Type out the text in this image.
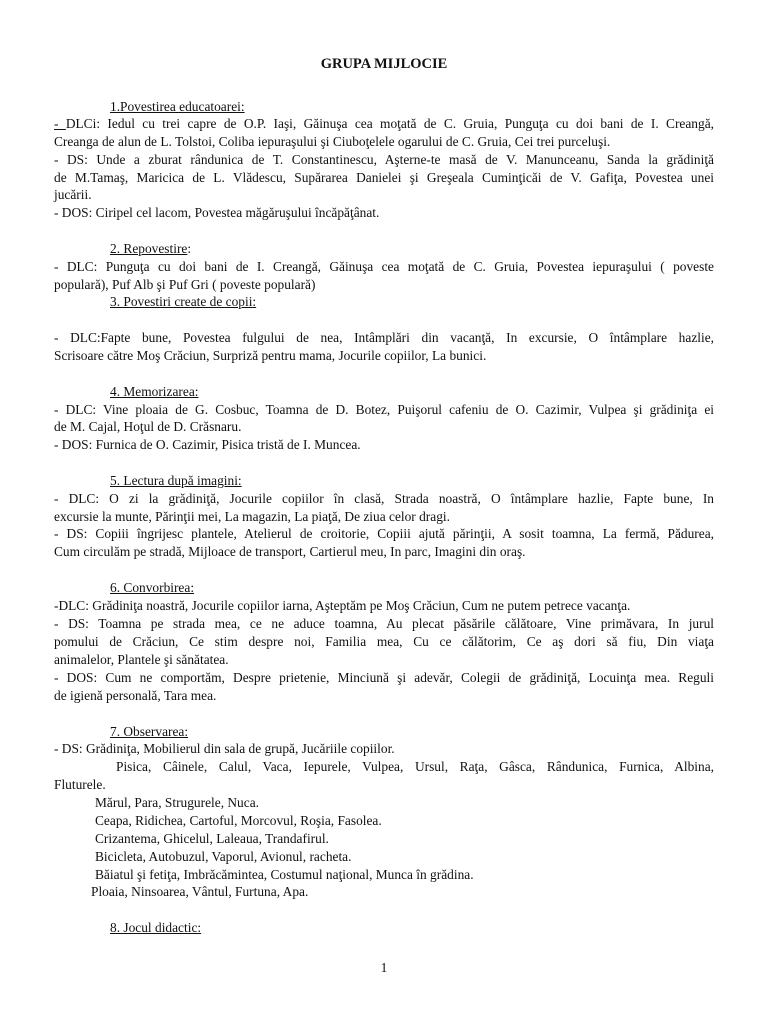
GRUPA MIJLOCIE
1.Povestirea educatoarei:
- DLCi: Iedul cu trei capre de O.P. Iaşi, Găinuşa cea moţată de C. Gruia, Punguţa cu doi bani de I. Creangă,
Creanga de alun de L. Tolstoi, Coliba iepuraşului şi Ciuboţelele ogarului de C. Gruia, Cei trei purceluşi.
- DS: Unde a zburat rândunica de T. Constantinescu, Aşterne-te masă de V. Manunceanu, Sanda la grădiniţă
de M.Tamaş, Maricica de L. Vlădescu, Supărarea Danielei şi Greşeala Cuminţicăi de V. Gafiţa, Povestea unei
jucării.
- DOS: Ciripel cel lacom, Povestea măgăruşului încăpăţânat.
2. Repovestire:
- DLC: Punguţa cu doi bani de I. Creangă, Găinuşa cea moţată de C. Gruia, Povestea iepuraşului ( poveste
populară), Puf Alb şi Puf Gri ( poveste populară)
3. Povestiri create de copii:
- DLC:Fapte bune, Povestea fulgului de nea, Intâmplări din vacanţă, In excursie, O întâmplare hazlie,
Scrisoare către Moş Crăciun, Surpriză pentru mama, Jocurile copiilor, La bunici.
4. Memorizarea:
- DLC: Vine ploaia de G. Cosbuc, Toamna de D. Botez, Puişorul cafeniu de O. Cazimir, Vulpea şi grădiniţa ei
de M. Cajal, Hoţul de D. Crăsnaru.
- DOS: Furnica de O. Cazimir, Pisica tristă de I. Muncea.
5. Lectura după imagini:
- DLC: O zi la grădiniţă, Jocurile copiilor în clasă, Strada noastră, O întâmplare hazlie, Fapte bune, In
excursie la munte, Părinţii mei, La magazin, La piaţă, De ziua celor dragi.
- DS: Copiii îngrijesc plantele, Atelierul de croitorie, Copiii ajută părinţii, A sosit toamna, La fermă, Pădurea,
Cum circulăm pe stradă, Mijloace de transport, Cartierul meu, In parc, Imagini din oraş.
6. Convorbirea:
-DLC: Grădiniţa noastră, Jocurile copiilor iarna, Aşteptăm pe Moş Crăciun, Cum ne putem petrece vacanţa.
- DS: Toamna pe strada mea, ce ne aduce toamna, Au plecat păsările călătoare, Vine primăvara, In jurul
pomului de Crăciun, Ce stim despre noi, Familia mea, Cu ce călătorim, Ce aş dori să fiu, Din viaţa
animalelor, Plantele şi sănătatea.
- DOS: Cum ne comportăm, Despre prietenie, Minciună şi adevăr, Colegii de grădiniţă, Locuinţa mea. Reguli
de igienă personală, Tara mea.
7. Observarea:
- DS: Grădiniţa, Mobilierul din sala de grupă, Jucăriile copiilor.
Pisica, Câinele, Calul, Vaca, Iepurele, Vulpea, Ursul, Raţa, Gâsca, Rândunica, Furnica, Albina,
Fluturele.
Mărul, Para, Strugurele, Nuca.
Ceapa, Ridichea, Cartoful, Morcovul, Roşia, Fasolea.
Crizantema, Ghicelul, Laleaua, Trandafirul.
Bicicleta, Autobuzul, Vaporul, Avionul, racheta.
Băiatul şi fetiţa, Imbrăcămintea, Costumul naţional, Munca în grădina.
Ploaia, Ninsoarea, Vântul, Furtuna, Apa.
8. Jocul didactic:
1
